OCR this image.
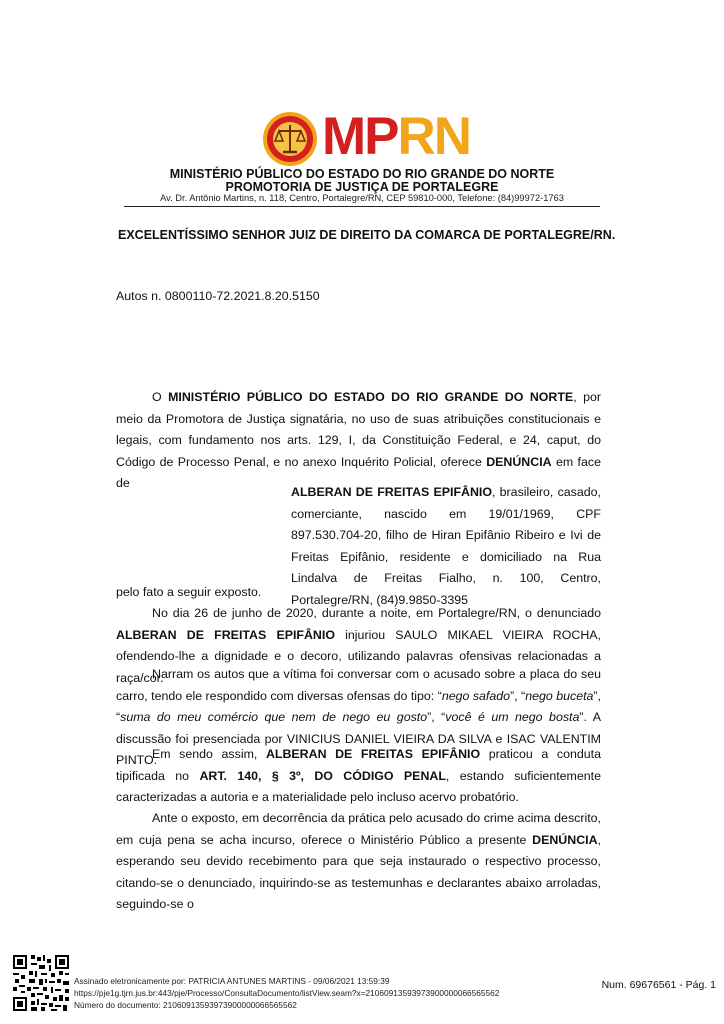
MPRN
MINISTÉRIO PÚBLICO DO ESTADO DO RIO GRANDE DO NORTE
PROMOTORIA DE JUSTIÇA DE PORTALEGRE
Av. Dr. Antônio Martins, n. 118, Centro, Portalegre/RN, CEP 59810-000, Telefone: (84)99972-1763
EXCELENTÍSSIMO SENHOR JUIZ DE DIREITO DA COMARCA DE PORTALEGRE/RN.
Autos n. 0800110-72.2021.8.20.5150
O MINISTÉRIO PÚBLICO DO ESTADO DO RIO GRANDE DO NORTE, por meio da Promotora de Justiça signatária, no uso de suas atribuições constitucionais e legais, com fundamento nos arts. 129, I, da Constituição Federal, e 24, caput, do Código de Processo Penal, e no anexo Inquérito Policial, oferece DENÚNCIA em face de
ALBERAN DE FREITAS EPIFÂNIO, brasileiro, casado, comerciante, nascido em 19/01/1969, CPF 897.530.704-20, filho de Hiran Epifânio Ribeiro e Ivi de Freitas Epifânio, residente e domiciliado na Rua Lindalva de Freitas Fialho, n. 100, Centro, Portalegre/RN, (84)9.9850-3395
pelo fato a seguir exposto.
No dia 26 de junho de 2020, durante a noite, em Portalegre/RN, o denunciado ALBERAN DE FREITAS EPIFÂNIO injuriou SAULO MIKAEL VIEIRA ROCHA, ofendendo-lhe a dignidade e o decoro, utilizando palavras ofensivas relacionadas a raça/cor.
Narram os autos que a vítima foi conversar com o acusado sobre a placa do seu carro, tendo ele respondido com diversas ofensas do tipo: “nego safado”, “nego buceta”, “suma do meu comércio que nem de nego eu gosto”, “você é um nego bosta”. A discussão foi presenciada por VINICIUS DANIEL VIEIRA DA SILVA e ISAC VALENTIM PINTO.
Em sendo assim, ALBERAN DE FREITAS EPIFÂNIO praticou a conduta tipificada no ART. 140, § 3º, DO CÓDIGO PENAL, estando suficientemente caracterizadas a autoria e a materialidade pelo incluso acervo probatório.
Ante o exposto, em decorrência da prática pelo acusado do crime acima descrito, em cuja pena se acha incurso, oferece o Ministério Público a presente DENÚNCIA, esperando seu devido recebimento para que seja instaurado o respectivo processo, citando-se o denunciado, inquirindo-se as testemunhas e declarantes abaixo arroladas, seguindo-se o
Assinado eletronicamente por: PATRICIA ANTUNES MARTINS - 09/06/2021 13:59:39
https://pje1g.tjrn.jus.br:443/pje/Processo/ConsultaDocumento/listView.seam?x=21060913593973900000066565562
Número do documento: 21060913593973900000066565562
Num. 69676561 - Pág. 1
